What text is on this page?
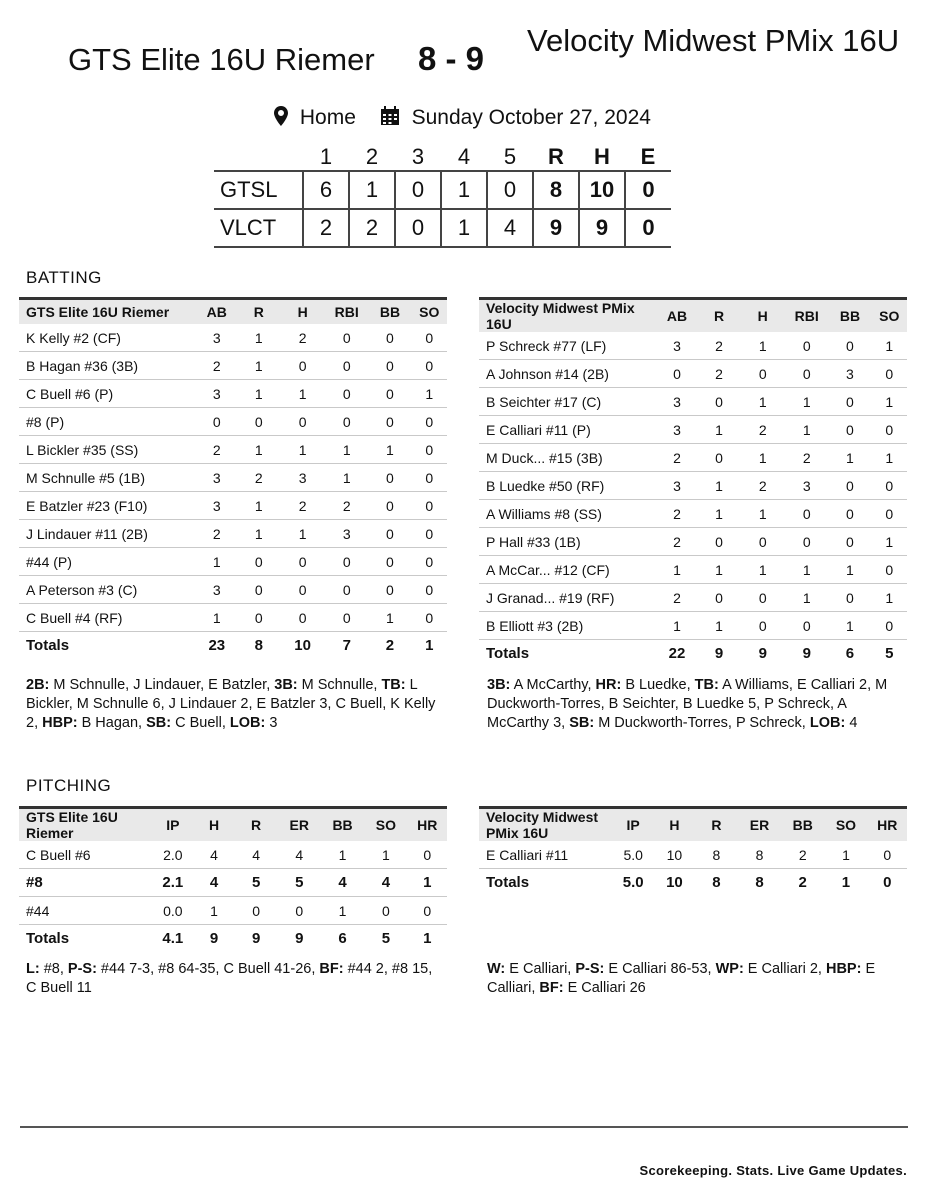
GTS Elite 16U Riemer 8 - 9 Velocity Midwest PMix 16U
Home	Sunday October 27, 2024
	1	2	3	4	5	R	H	E
GTSL	6	1	0	1	0	8	10	0
VLCT	2	2	0	1	4	9	9	0
BATTING
GTS Elite 16U Riemer	AB	R	H	RBI	BB	SO
K Kelly #2 (CF)	3	1	2	0	0	0
B Hagan #36 (3B)	2	1	0	0	0	0
C Buell #6 (P)	3	1	1	0	0	1
#8 (P)	0	0	0	0	0	0
L Bickler #35 (SS)	2	1	1	1	1	0
M Schnulle #5 (1B)	3	2	3	1	0	0
E Batzler #23 (F10)	3	1	2	2	0	0
J Lindauer #11 (2B)	2	1	1	3	0	0
#44 (P)	1	0	0	0	0	0
A Peterson #3 (C)	3	0	0	0	0	0
C Buell #4 (RF)	1	0	0	0	1	0
Totals	23	8	10	7	2	1
Velocity Midwest PMix 16U	AB	R	H	RBI	BB	SO
P Schreck #77 (LF)	3	2	1	0	0	1
A Johnson #14 (2B)	0	2	0	0	3	0
B Seichter #17 (C)	3	0	1	1	0	1
E Calliari #11 (P)	3	1	2	1	0	0
M Duck... #15 (3B)	2	0	1	2	1	1
B Luedke #50 (RF)	3	1	2	3	0	0
A Williams #8 (SS)	2	1	1	0	0	0
P Hall #33 (1B)	2	0	0	0	0	1
A McCar... #12 (CF)	1	1	1	1	1	0
J Granad... #19 (RF)	2	0	0	1	0	1
B Elliott #3 (2B)	1	1	0	0	1	0
Totals	22	9	9	9	6	5
2B: M Schnulle, J Lindauer, E Batzler, 3B: M Schnulle, TB: L Bickler, M Schnulle 6, J Lindauer 2, E Batzler 3, C Buell, K Kelly 2, HBP: B Hagan, SB: C Buell, LOB: 3
3B: A McCarthy, HR: B Luedke, TB: A Williams, E Calliari 2, M Duckworth-Torres, B Seichter, B Luedke 5, P Schreck, A McCarthy 3, SB: M Duckworth-Torres, P Schreck, LOB: 4
PITCHING
GTS Elite 16U Riemer	IP	H	R	ER	BB	SO	HR
C Buell #6	2.0	4	4	4	1	1	0
#8	2.1	4	5	5	4	4	1
#44	0.0	1	0	0	1	0	0
Totals	4.1	9	9	9	6	5	1
Velocity Midwest PMix 16U	IP	H	R	ER	BB	SO	HR
E Calliari #11	5.0	10	8	8	2	1	0
Totals	5.0	10	8	8	2	1	0
L: #8, P-S: #44 7-3, #8 64-35, C Buell 41-26, BF: #44 2, #8 15, C Buell 11
W: E Calliari, P-S: E Calliari 86-53, WP: E Calliari 2, HBP: E Calliari, BF: E Calliari 26
Scorekeeping. Stats. Live Game Updates.
